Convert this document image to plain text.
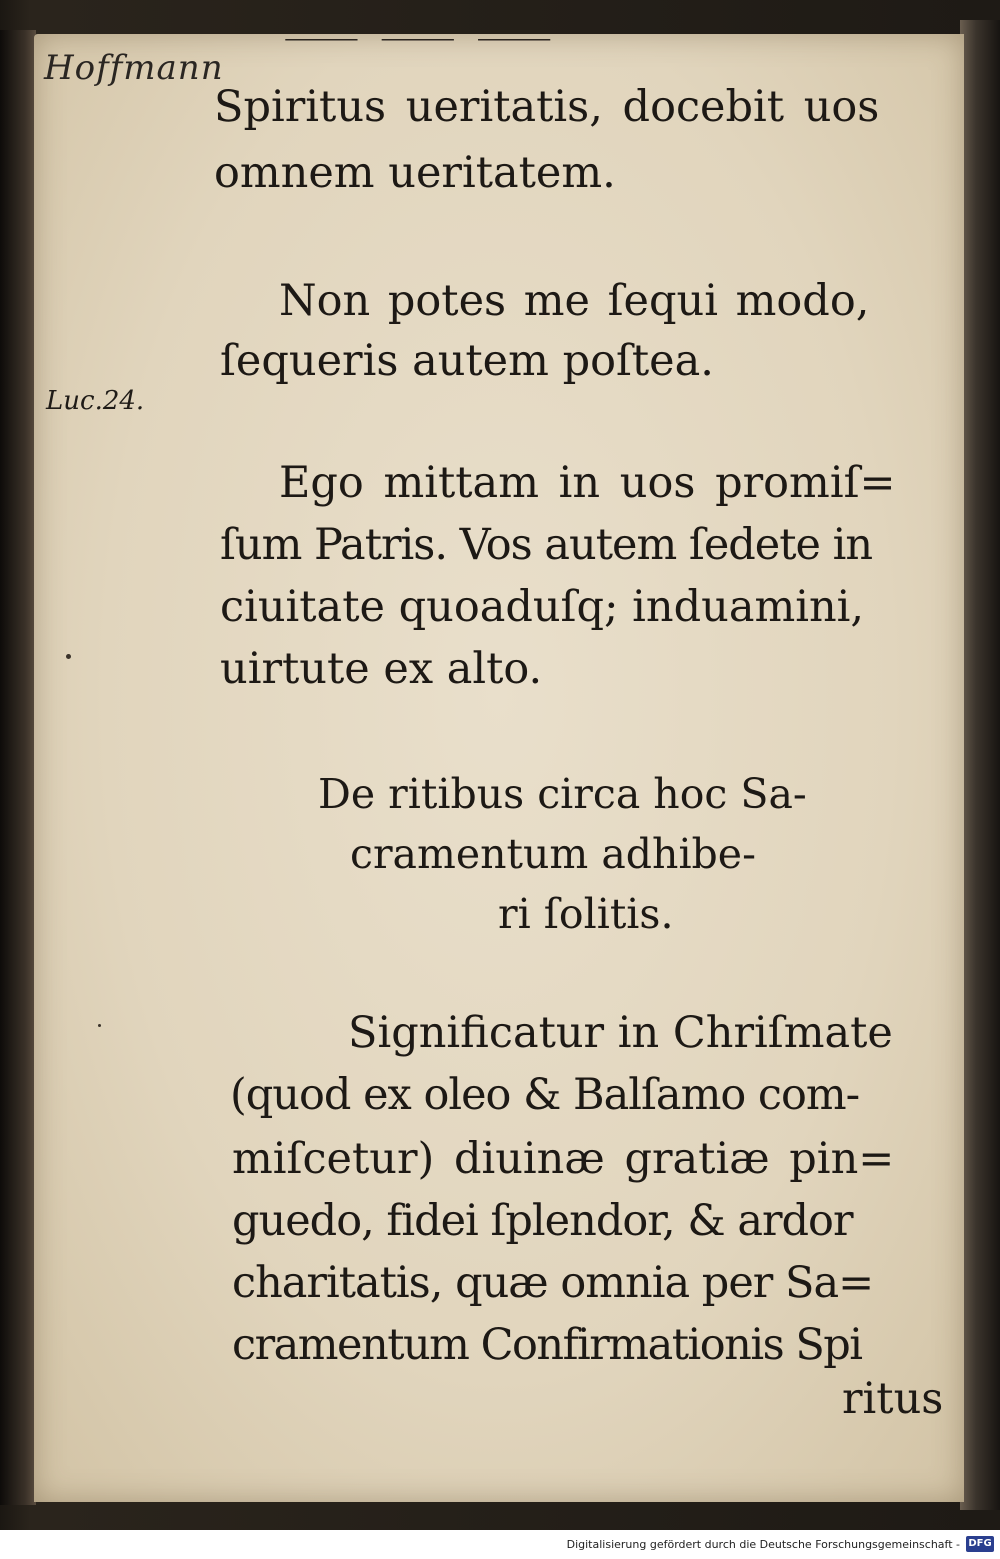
⸻ ⸻ ⸻
Hoffmann
Luc.24.
Spiritus ueritatis, docebit uos
omnem ueritatem.
Non potes me ſequi modo,
ſequeris autem poſtea.
Ego mittam in uos promiſ=
ſum Patris. Vos autem ſedete in
ciuitate quoaduſq; induamini,
uirtute ex alto.
De ritibus circa hoc Sa-
cramentum adhibe-
ri ſolitis.
Significatur in Chriſmate
(quod ex oleo & Balſamo com-
miſcetur) diuinæ gratiæ pin=
guedo, fidei ſplendor, & ardor
charitatis, quæ omnia per Sa=
cramentum Confirmationis Spi
ritus
Digitalisierung gefördert durch die Deutsche Forschungsgemeinschaft - DFG
